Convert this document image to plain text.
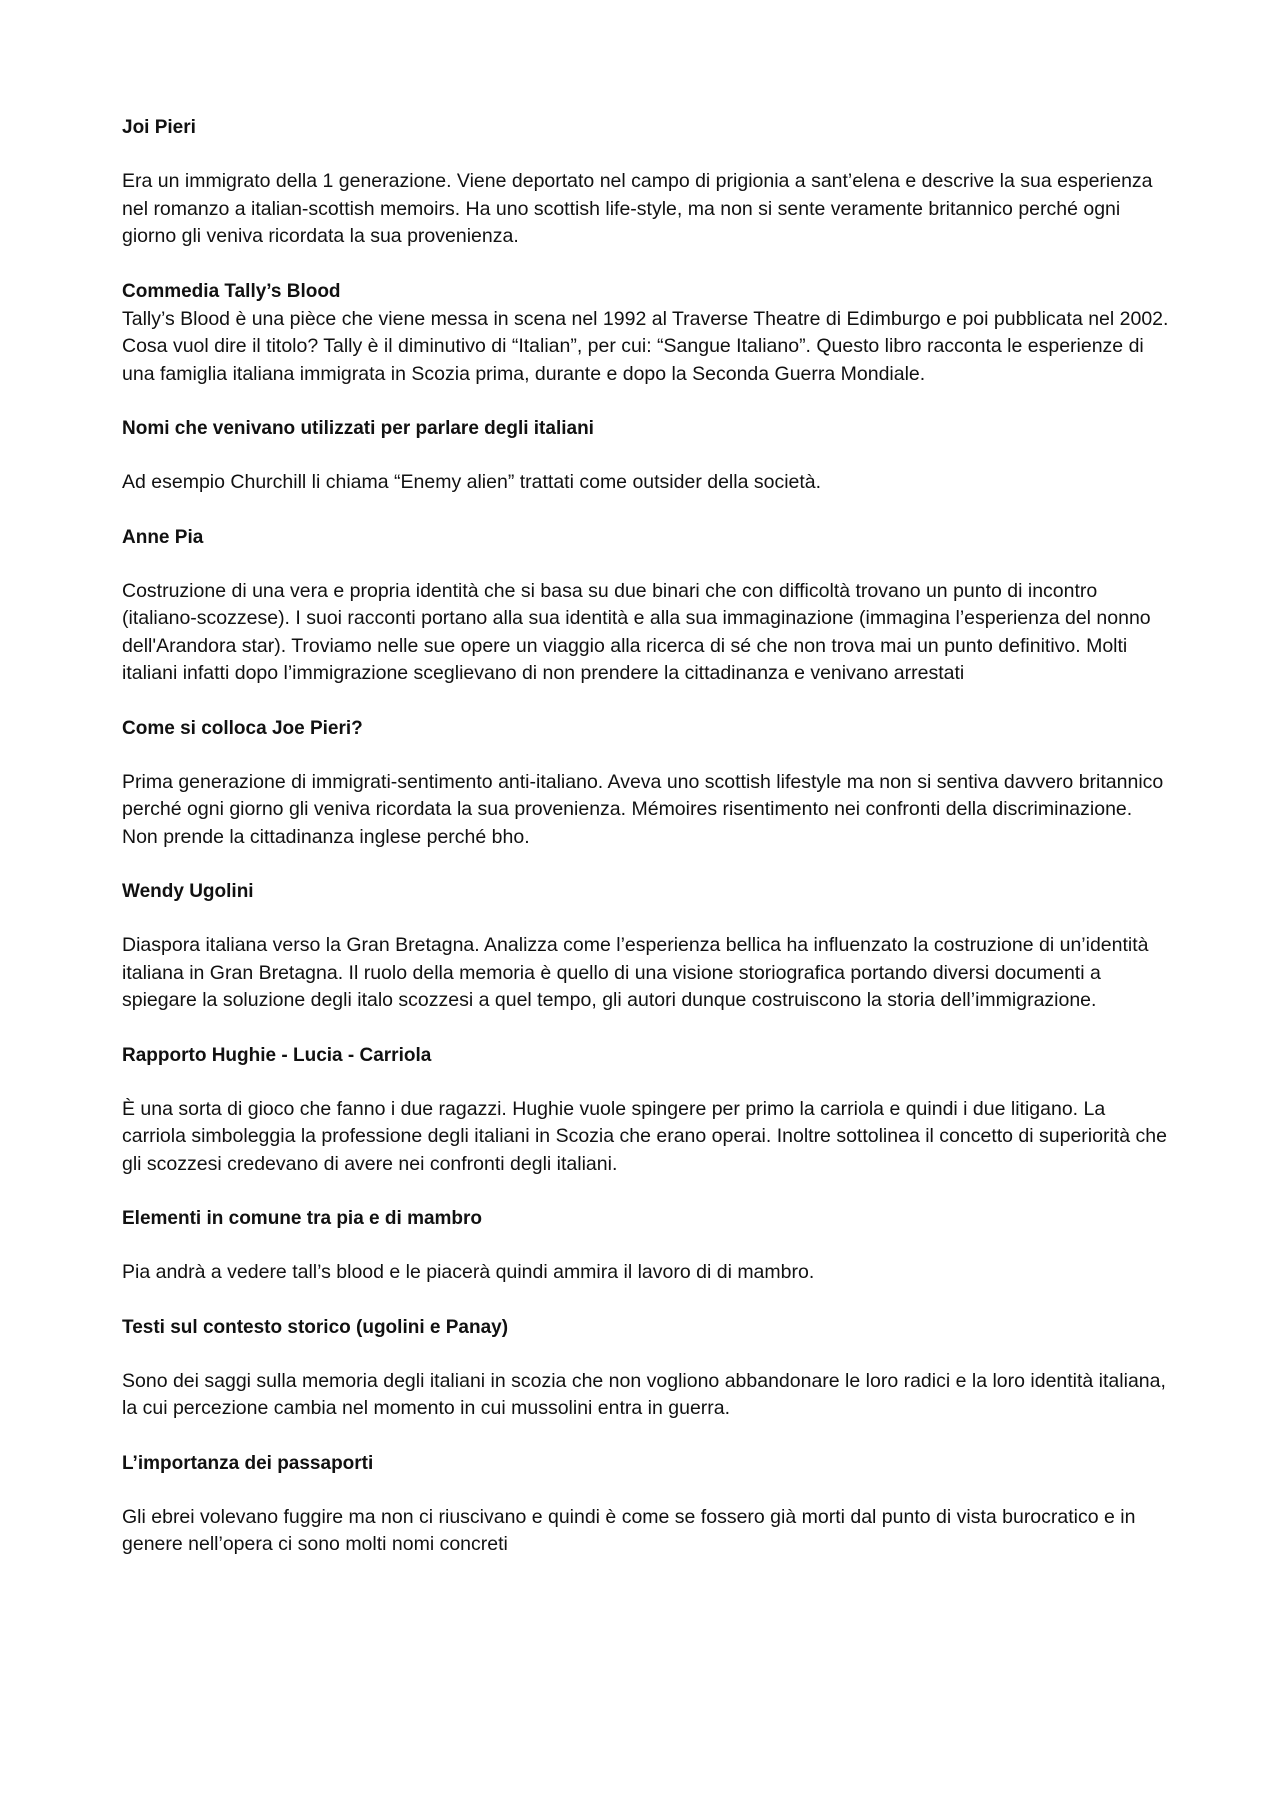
Joi Pieri

Era un immigrato della 1 generazione. Viene deportato nel campo di prigionia a sant’elena e descrive la sua esperienza nel romanzo a italian-scottish memoirs. Ha uno scottish life-style, ma non si sente veramente britannico perché ogni giorno gli veniva ricordata la sua provenienza.

Commedia Tally’s Blood

Tally’s Blood è una pièce che viene messa in scena nel 1992 al Traverse Theatre di Edimburgo e poi pubblicata nel 2002. Cosa vuol dire il titolo? Tally è il diminutivo di “Italian”, per cui: “Sangue Italiano”. Questo libro racconta le esperienze di una famiglia italiana immigrata in Scozia prima, durante e dopo la Seconda Guerra Mondiale.

Nomi che venivano utilizzati per parlare degli italiani

Ad esempio Churchill li chiama “Enemy alien” trattati come outsider della società.

Anne Pia

Costruzione di una vera e propria identità che si basa su due binari che con difficoltà trovano un punto di incontro (italiano-scozzese). I suoi racconti portano alla sua identità e alla sua immaginazione (immagina l’esperienza del nonno dell'Arandora star). Troviamo nelle sue opere un viaggio alla ricerca di sé che non trova mai un punto definitivo. Molti italiani infatti dopo l’immigrazione sceglievano di non prendere la cittadinanza e venivano arrestati

Come si colloca Joe Pieri?

Prima generazione di immigrati-sentimento anti-italiano. Aveva uno scottish lifestyle ma non si sentiva davvero britannico perché ogni giorno gli veniva ricordata la sua provenienza. Mémoires risentimento nei confronti della discriminazione. Non prende la cittadinanza inglese perché bho.

Wendy Ugolini

Diaspora italiana verso la Gran Bretagna. Analizza come l’esperienza bellica ha influenzato la costruzione di un’identità italiana in Gran Bretagna. Il ruolo della memoria è quello di una visione storiografica portando diversi documenti a spiegare la soluzione degli italo scozzesi a quel tempo, gli autori dunque costruiscono la storia dell’immigrazione.

Rapporto Hughie - Lucia - Carriola

È una sorta di gioco che fanno i due ragazzi. Hughie vuole spingere per primo la carriola e quindi i due litigano. La carriola simboleggia la professione degli italiani in Scozia che erano operai. Inoltre sottolinea il concetto di superiorità che gli scozzesi credevano di avere nei confronti degli italiani.

Elementi in comune tra pia e di mambro

Pia andrà a vedere tall’s blood e le piacerà quindi ammira il lavoro di di mambro.

Testi sul contesto storico (ugolini e Panay)

Sono dei saggi sulla memoria degli italiani in scozia che non vogliono abbandonare le loro radici e la loro identità italiana, la cui percezione cambia nel momento in cui mussolini entra in guerra.

L’importanza dei passaporti

Gli ebrei volevano fuggire ma non ci riuscivano e quindi è come se fossero già morti dal punto di vista burocratico e in genere nell’opera ci sono molti nomi concreti
